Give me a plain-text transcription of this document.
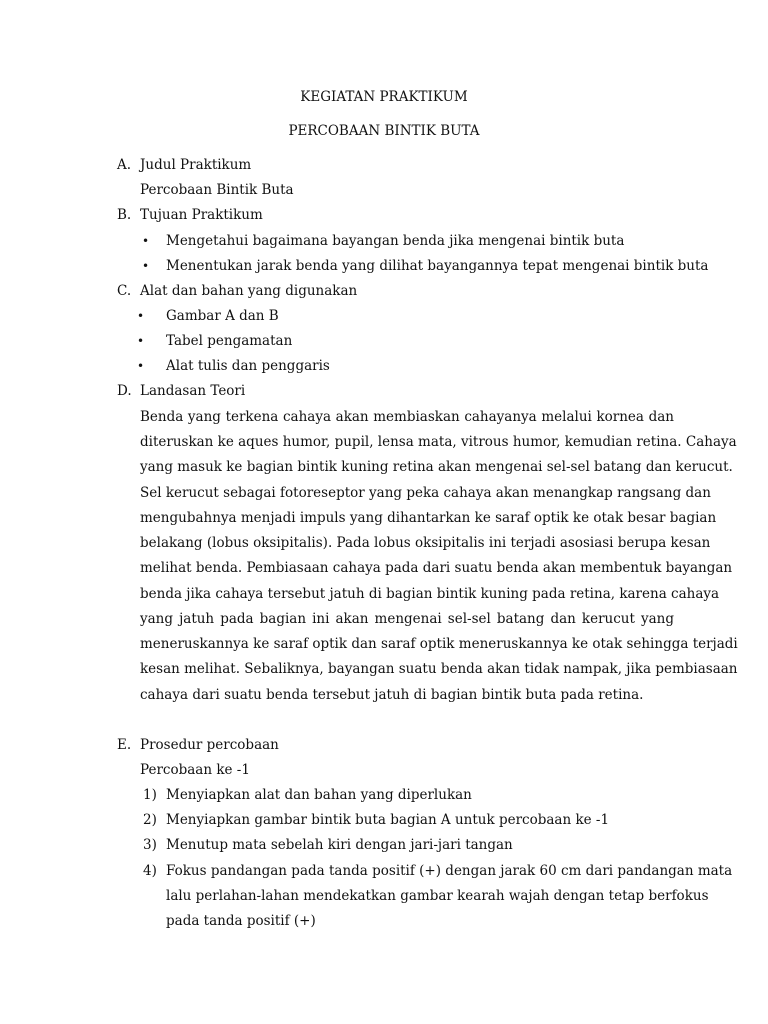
KEGIATAN PRAKTIKUM
PERCOBAAN BINTIK BUTA
A. Judul Praktikum
Percobaan Bintik Buta
B. Tujuan Praktikum
• Mengetahui bagaimana bayangan benda jika mengenai bintik buta
• Menentukan jarak benda yang dilihat bayangannya tepat mengenai bintik buta
C. Alat dan bahan yang digunakan
• Gambar A dan B
• Tabel pengamatan
• Alat tulis dan penggaris
D. Landasan Teori
Benda yang terkena cahaya akan membiaskan cahayanya melalui kornea dan
diteruskan ke aques humor, pupil, lensa mata, vitrous humor, kemudian retina. Cahaya
yang masuk ke bagian bintik kuning retina akan mengenai sel-sel batang dan kerucut.
Sel kerucut sebagai fotoreseptor yang peka cahaya akan menangkap rangsang dan
mengubahnya menjadi impuls yang dihantarkan ke saraf optik ke otak besar bagian
belakang (lobus oksipitalis). Pada lobus oksipitalis ini terjadi asosiasi berupa kesan
melihat benda. Pembiasaan cahaya pada dari suatu benda akan membentuk bayangan
benda jika cahaya tersebut jatuh di bagian bintik kuning pada retina, karena cahaya
yang jatuh pada bagian ini akan mengenai sel-sel batang dan kerucut yang
meneruskannya ke saraf optik dan saraf optik meneruskannya ke otak sehingga terjadi
kesan melihat. Sebaliknya, bayangan suatu benda akan tidak nampak, jika pembiasaan
cahaya dari suatu benda tersebut jatuh di bagian bintik buta pada retina.
E. Prosedur percobaan
Percobaan ke -1
1) Menyiapkan alat dan bahan yang diperlukan
2) Menyiapkan gambar bintik buta bagian A untuk percobaan ke -1
3) Menutup mata sebelah kiri dengan jari-jari tangan
4) Fokus pandangan pada tanda positif (+) dengan jarak 60 cm dari pandangan mata
lalu perlahan-lahan mendekatkan gambar kearah wajah dengan tetap berfokus
pada tanda positif (+)
